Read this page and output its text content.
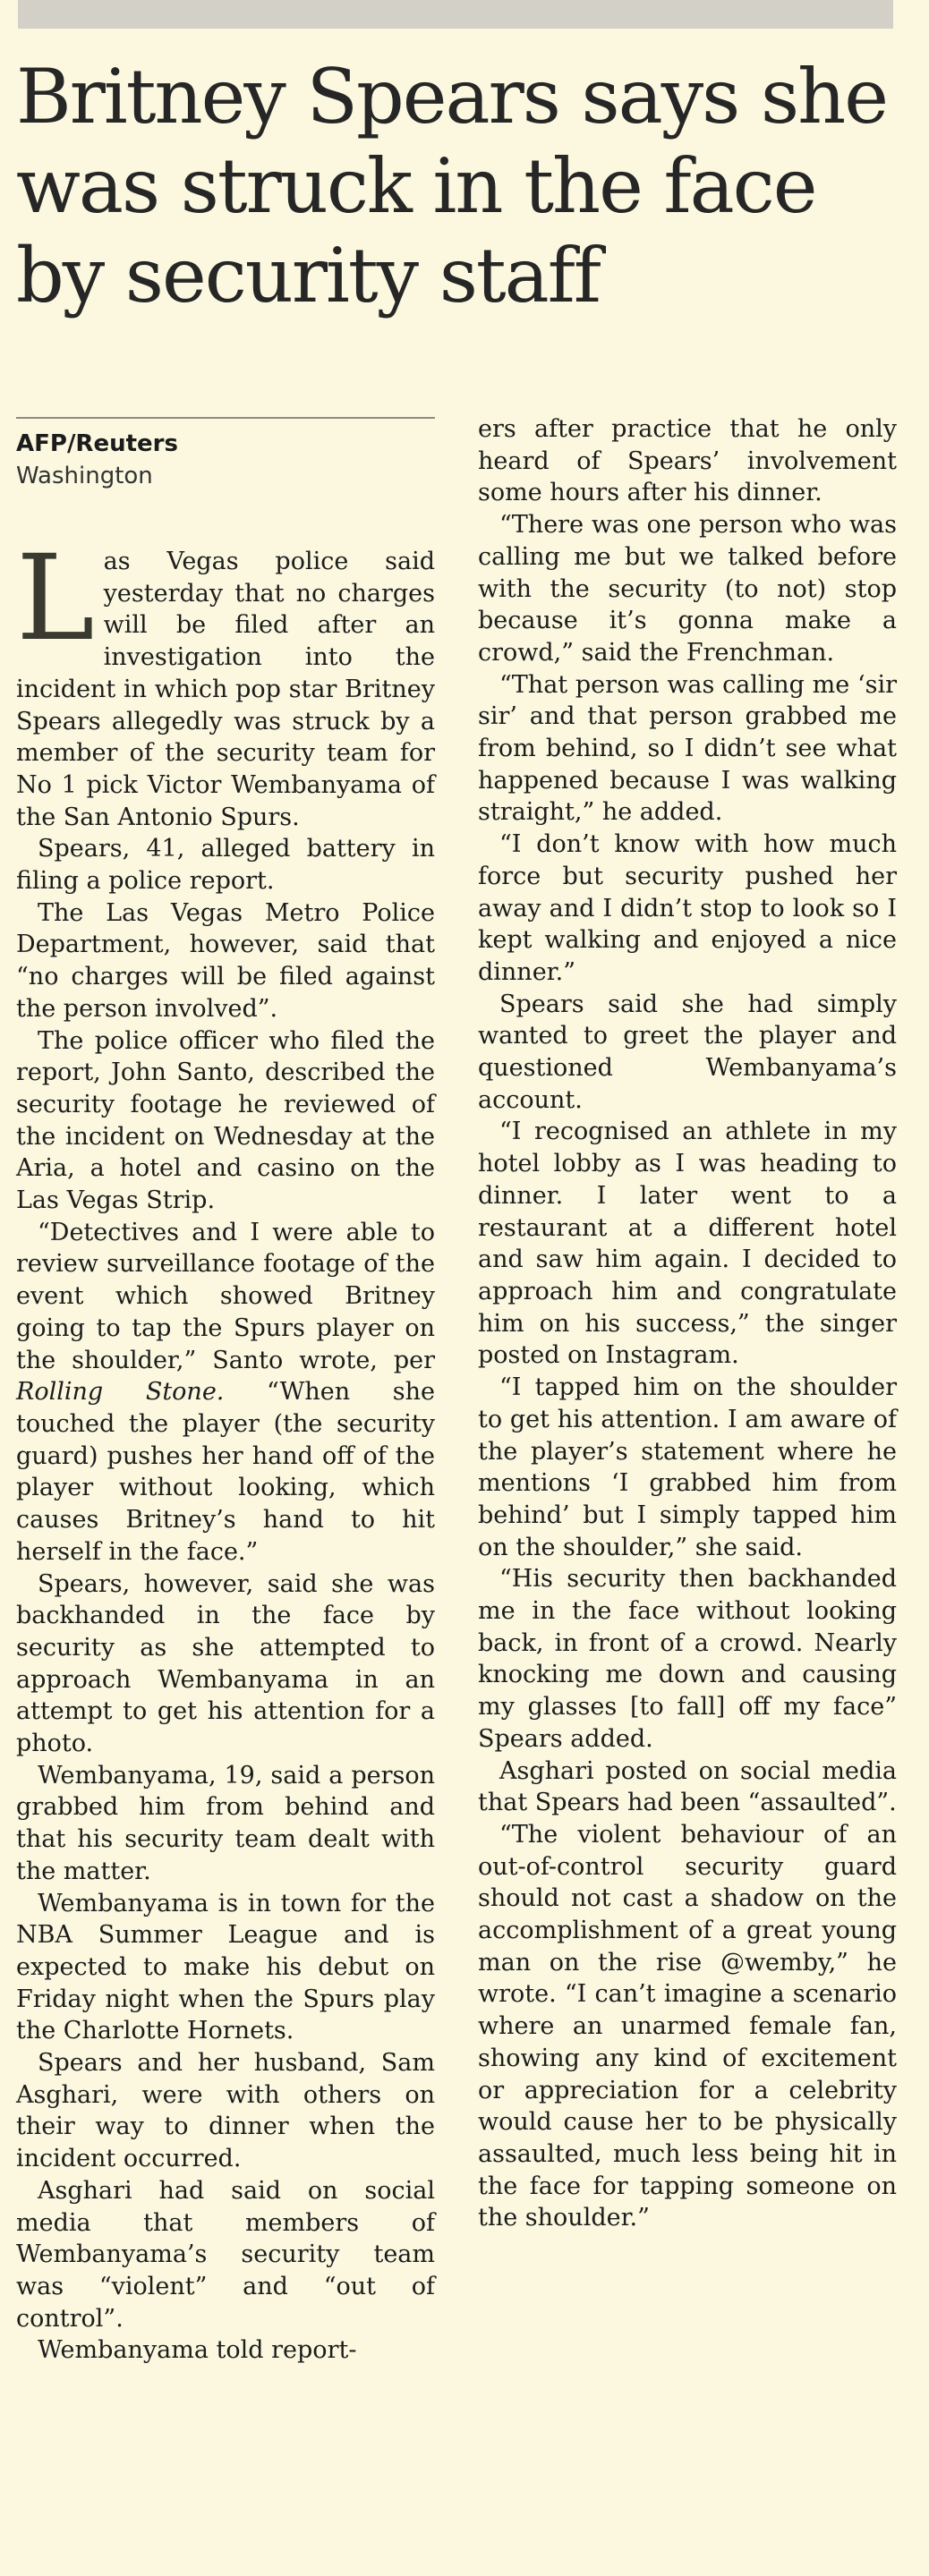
Britney Spears says she was struck in the face by security staff
AFP/Reuters
Washington

Las Vegas police said yesterday that no charges will be filed after an investigation into the incident in which pop star Britney Spears allegedly was struck by a member of the security team for No 1 pick Victor Wembanyama of the San Antonio Spurs.

Spears, 41, alleged battery in filing a police report.

The Las Vegas Metro Police Department, however, said that “no charges will be filed against the person involved”.

The police officer who filed the report, John Santo, described the security footage he reviewed of the incident on Wednesday at the Aria, a hotel and casino on the Las Vegas Strip.

“Detectives and I were able to review surveillance footage of the event which showed Britney going to tap the Spurs player on the shoulder,” Santo wrote, per Rolling Stone. “When she touched the player (the security guard) pushes her hand off of the player without looking, which causes Britney’s hand to hit herself in the face.”

Spears, however, said she was backhanded in the face by security as she attempted to approach Wembanyama in an attempt to get his attention for a photo.

Wembanyama, 19, said a person grabbed him from behind and that his security team dealt with the matter.

Wembanyama is in town for the NBA Summer League and is expected to make his debut on Friday night when the Spurs play the Charlotte Hornets.

Spears and her husband, Sam Asghari, were with others on their way to dinner when the incident occurred.

Asghari had said on social media that members of Wembanyama’s security team was “violent” and “out of control”.

Wembanyama told report-

ers after practice that he only heard of Spears’ involvement some hours after his dinner.

“There was one person who was calling me but we talked before with the security (to not) stop because it’s gonna make a crowd,” said the Frenchman.

“That person was calling me ‘sir sir’ and that person grabbed me from behind, so I didn’t see what happened because I was walking straight,” he added.

“I don’t know with how much force but security pushed her away and I didn’t stop to look so I kept walking and enjoyed a nice dinner.”

Spears said she had simply wanted to greet the player and questioned Wembanyama’s account.

“I recognised an athlete in my hotel lobby as I was heading to dinner. I later went to a restaurant at a different hotel and saw him again. I decided to approach him and congratulate him on his success,” the singer posted on Instagram.

“I tapped him on the shoulder to get his attention. I am aware of the player’s statement where he mentions ‘I grabbed him from behind’ but I simply tapped him on the shoulder,” she said.

“His security then backhanded me in the face without looking back, in front of a crowd. Nearly knocking me down and causing my glasses [to fall] off my face” Spears added.

Asghari posted on social media that Spears had been “assaulted”.

“The violent behaviour of an out-of-control security guard should not cast a shadow on the accomplishment of a great young man on the rise @wemby,” he wrote. “I can’t imagine a scenario where an unarmed female fan, showing any kind of excitement or appreciation for a celebrity would cause her to be physically assaulted, much less being hit in the face for tapping someone on the shoulder.”
